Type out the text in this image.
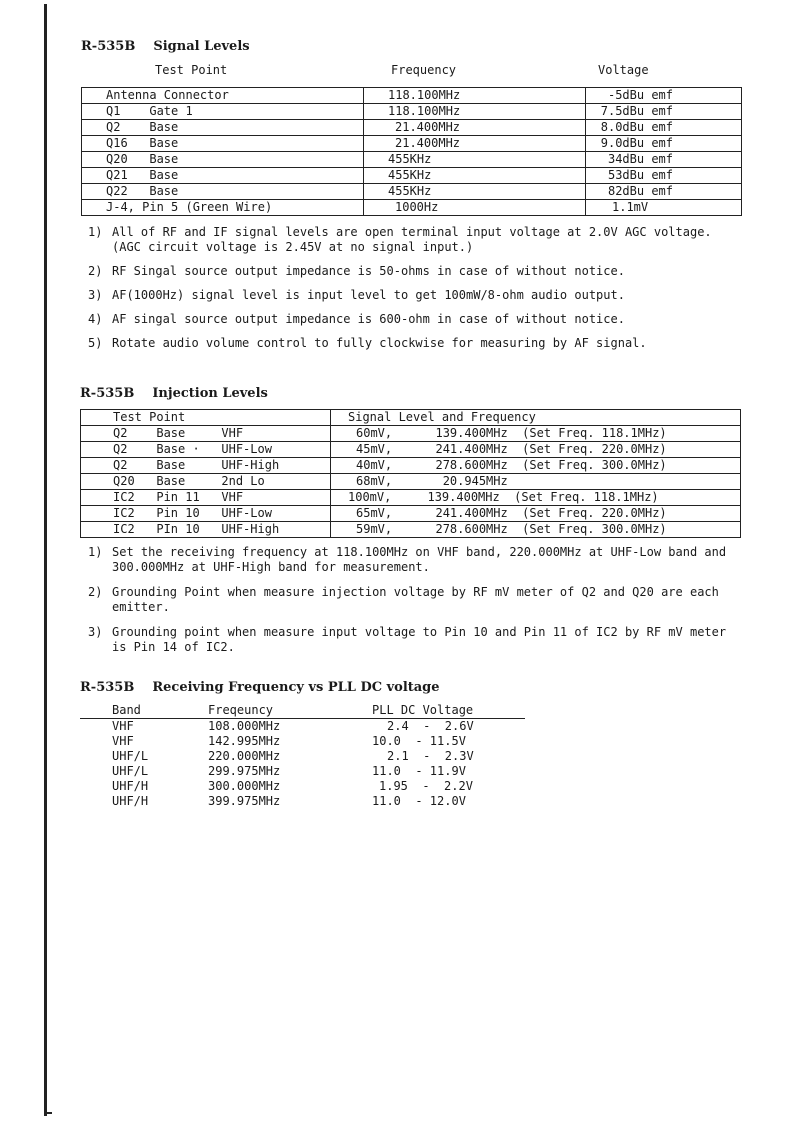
R-535B Signal Levels
Test Point	Frequency	Voltage
Antenna Connector	118.100MHz	-5dBu emf
Q1    Gate 1	118.100MHz	7.5dBu emf
Q2    Base	21.400MHz	8.0dBu emf
Q16   Base	21.400MHz	9.0dBu emf
Q20   Base	455KHz	34dBu emf
Q21   Base	455KHz	53dBu emf
Q22   Base	455KHz	82dBu emf
J-4, Pin 5 (Green Wire)	1000Hz	1.1mV
1) All of RF and IF signal levels are open terminal input voltage at 2.0V AGC voltage. (AGC circuit voltage is 2.45V at no signal input.)
2) RF Singal source output impedance is 50-ohms in case of without notice.
3) AF(1000Hz) signal level is input level to get 100mW/8-ohm audio output.
4) AF singal source output impedance is 600-ohm in case of without notice.
5) Rotate audio volume control to fully clockwise for measuring by AF signal.
R-535B Injection Levels
Test Point	Signal Level and Frequency
Q2    Base     VHF	60mV,      139.400MHz  (Set Freq. 118.1MHz)
Q2    Base ·   UHF-Low	45mV,      241.400MHz  (Set Freq. 220.0MHz)
Q2    Base     UHF-High	40mV,      278.600MHz  (Set Freq. 300.0MHz)
Q20   Base     2nd Lo	68mV,       20.945MHz
IC2   Pin 11   VHF	100mV,     139.400MHz  (Set Freq. 118.1MHz)
IC2   Pin 10   UHF-Low	65mV,      241.400MHz  (Set Freq. 220.0MHz)
IC2   PIn 10   UHF-High	59mV,      278.600MHz  (Set Freq. 300.0MHz)
1) Set the receiving frequency at 118.100MHz on VHF band, 220.000MHz at UHF-Low band and 300.000MHz at UHF-High band for measurement.
2) Grounding Point when measure injection voltage by RF mV meter of Q2 and Q20 are each emitter.
3) Grounding point when measure input voltage to Pin 10 and Pin 11 of IC2 by RF mV meter is Pin 14 of IC2.
R-535B Receiving Frequency vs PLL DC voltage
Band	Freqeuncy	PLL DC Voltage
VHF	108.000MHz	2.4  -  2.6V
VHF	142.995MHz	10.0  - 11.5V
UHF/L	220.000MHz	2.1  -  2.3V
UHF/L	299.975MHz	11.0  - 11.9V
UHF/H	300.000MHz	1.95  -  2.2V
UHF/H	399.975MHz	11.0  - 12.0V
